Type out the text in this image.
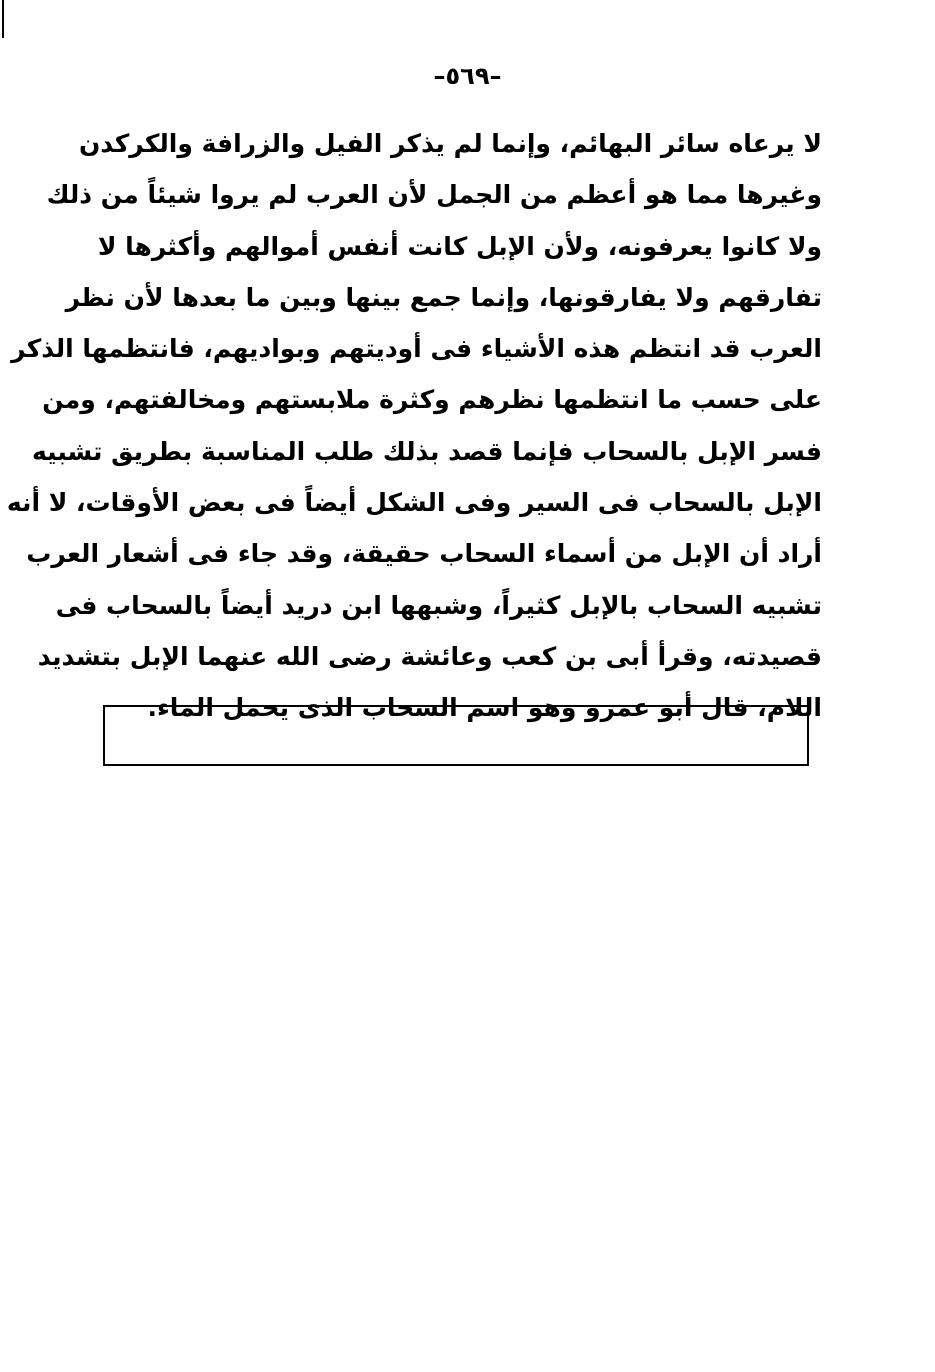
–٥٦٩–
لا يرعاه سائر البهائم، وإنما لم يذكر الفيل والزرافة والكركدن
وغيرها مما هو أعظم من الجمل لأن العرب لم يروا شيئاً من ذلك
ولا كانوا يعرفونه، ولأن الإبل كانت أنفس أموالهم وأكثرها لا
تفارقهم ولا يفارقونها، وإنما جمع بينها وبين ما بعدها لأن نظر
العرب قد انتظم هذه الأشياء فى أوديتهم وبواديهم، فانتظمها الذكر
على حسب ما انتظمها نظرهم وكثرة ملابستهم ومخالفتهم، ومن
فسر الإبل بالسحاب فإنما قصد بذلك طلب المناسبة بطريق تشبيه
الإبل بالسحاب فى السير وفى الشكل أيضاً فى بعض الأوقات، لا أنه
أراد أن الإبل من أسماء السحاب حقيقة، وقد جاء فى أشعار العرب
تشبيه السحاب بالإبل كثيراً، وشبهها ابن دريد أيضاً بالسحاب فى
قصيدته، وقرأ أبى بن كعب وعائشة رضى الله عنهما الإبل بتشديد
اللام، قال أبو عمرو وهو اسم السحاب الذى يحمل الماء.
